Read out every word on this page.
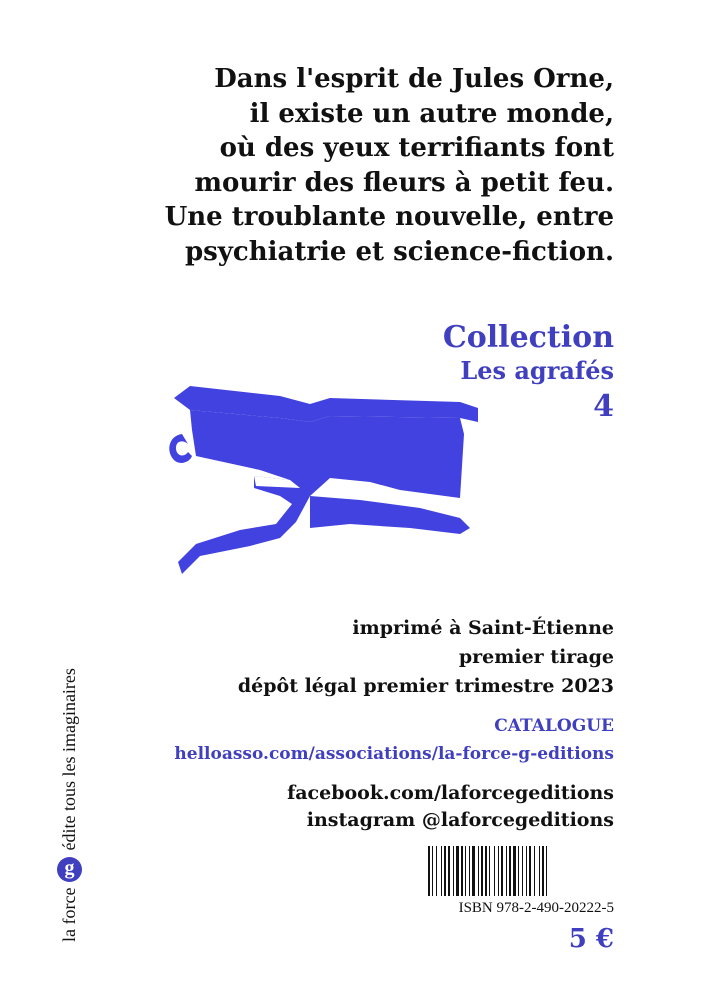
Dans l'esprit de Jules Orne,
il existe un autre monde,
où des yeux terrifiants font
mourir des fleurs à petit feu.
Une troublante nouvelle, entre
psychiatrie et science-fiction.
Collection
Les agrafés
4
imprimé à Saint-Étienne
premier tirage
dépôt légal premier trimestre 2023
CATALOGUE
helloasso.com/associations/la-force-g-editions
facebook.com/laforcegeditions
instagram @laforcegeditions
ISBN 978-2-490-20222-5
5 €
la force
g
édite tous les imaginaires
